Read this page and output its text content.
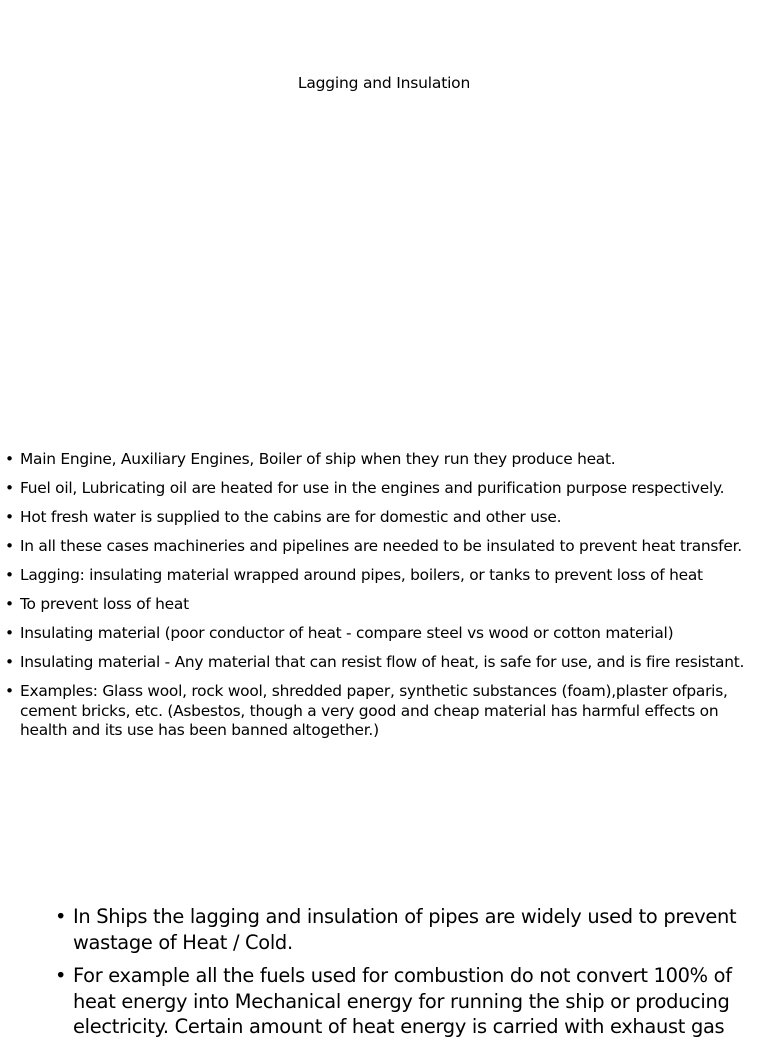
Lagging and Insulation
• Main Engine, Auxiliary Engines, Boiler of ship when they run they produce heat.
• Fuel oil, Lubricating oil are heated for use in the engines and purification purpose respectively.
• Hot fresh water is supplied to the cabins are for domestic and other use.
• In all these cases machineries and pipelines are needed to be insulated to prevent heat transfer.
• Lagging: insulating material wrapped around pipes, boilers, or tanks to prevent loss of heat
• To prevent loss of heat
• Insulating material (poor conductor of heat - compare steel vs wood or cotton material)
• Insulating material - Any material that can resist flow of heat, is safe for use, and is fire resistant.
• Examples: Glass wool, rock wool, shredded paper, synthetic substances (foam),plaster ofparis, cement bricks, etc. (Asbestos, though a very good and cheap material has harmful effects on health and its use has been banned altogether.)
• In Ships the lagging and insulation of pipes are widely used to prevent wastage of Heat / Cold.
• For example all the fuels used for combustion do not convert 100% of heat energy into Mechanical energy for running the ship or producing electricity. Certain amount of heat energy is carried with exhaust gas
